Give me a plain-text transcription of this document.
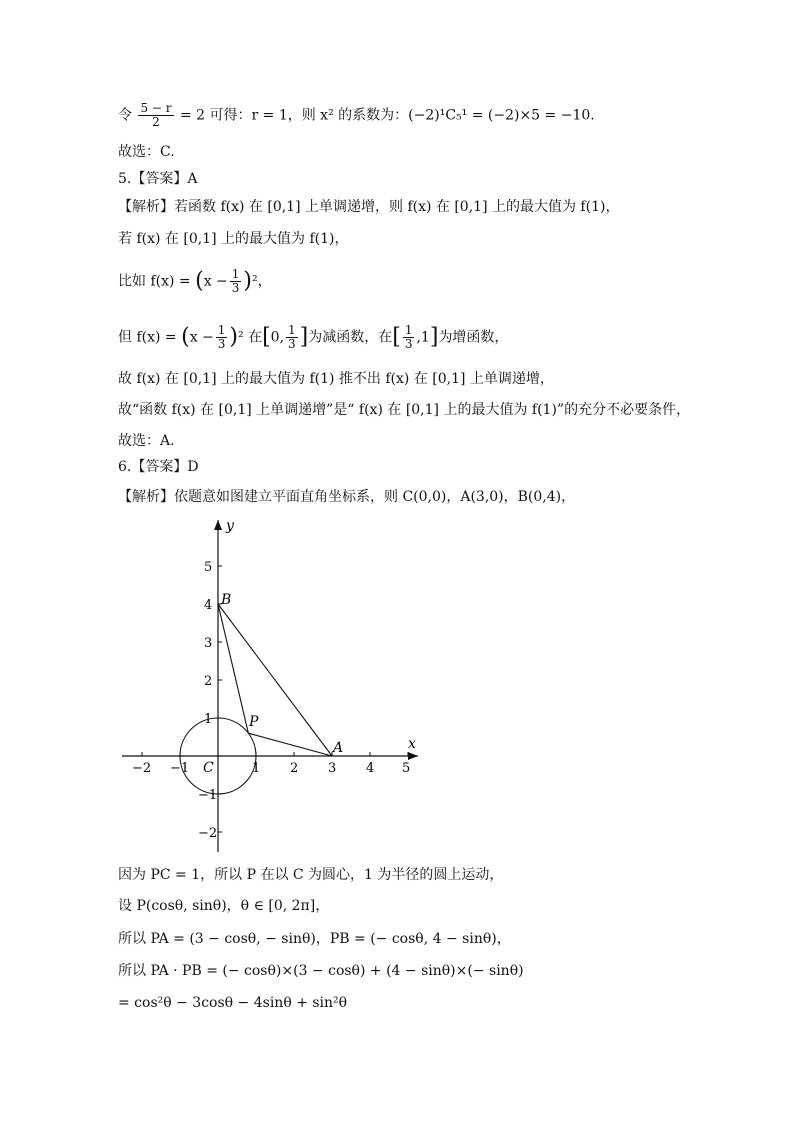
令 $\frac{5 - r}{2} = 2$ 可得：r = 1，则 x² 的系数为：(−2)¹C₅¹ = (−2)×5 = −10.
故选：C.
5.【答案】A
【解析】若函数 f(x) 在 [0,1] 上单调递增，则 f(x) 在 [0,1] 上的最大值为 f(1)，
若 f(x) 在 [0,1] 上的最大值为 f(1)，
比如 $f(x) = (x - \frac{1}{3} )^2$，
但 $f(x) = (x - \frac{1}{3} )^2$ 在[0, $\frac{1}{3}$ ]为减函数，在[ $\frac{1}{3} ,1$]为增函数，
故 f(x) 在 [0,1] 上的最大值为 f(1) 推不出 f(x) 在 [0,1] 上单调递增，
故“函数 f(x) 在 [0,1] 上单调递增”是“ f(x) 在 [0,1] 上的最大值为 f(1)”的充分不必要条件，
故选：A.
6.【答案】D
【解析】依题意如图建立平面直角坐标系，则 C(0,0)，A(3,0)，B(0,4)，
x
y
−2 −1	1 2 3 4 5
5
4
3
2
1
−1
−2
B
P
A
C
因为 PC = 1，所以 P 在以 C 为圆心，1 为半径的圆上运动，
设 P(cosθ, sinθ)，θ ∈ [0, 2π]，
所以 PA = (3 − cosθ, − sinθ)，PB = (− cosθ, 4 − sinθ)，
所以 PA · PB = (− cosθ)×(3 − cosθ) + (4 − sinθ)×(− sinθ)
= cos²θ − 3cosθ − 4sinθ + sin²θ
